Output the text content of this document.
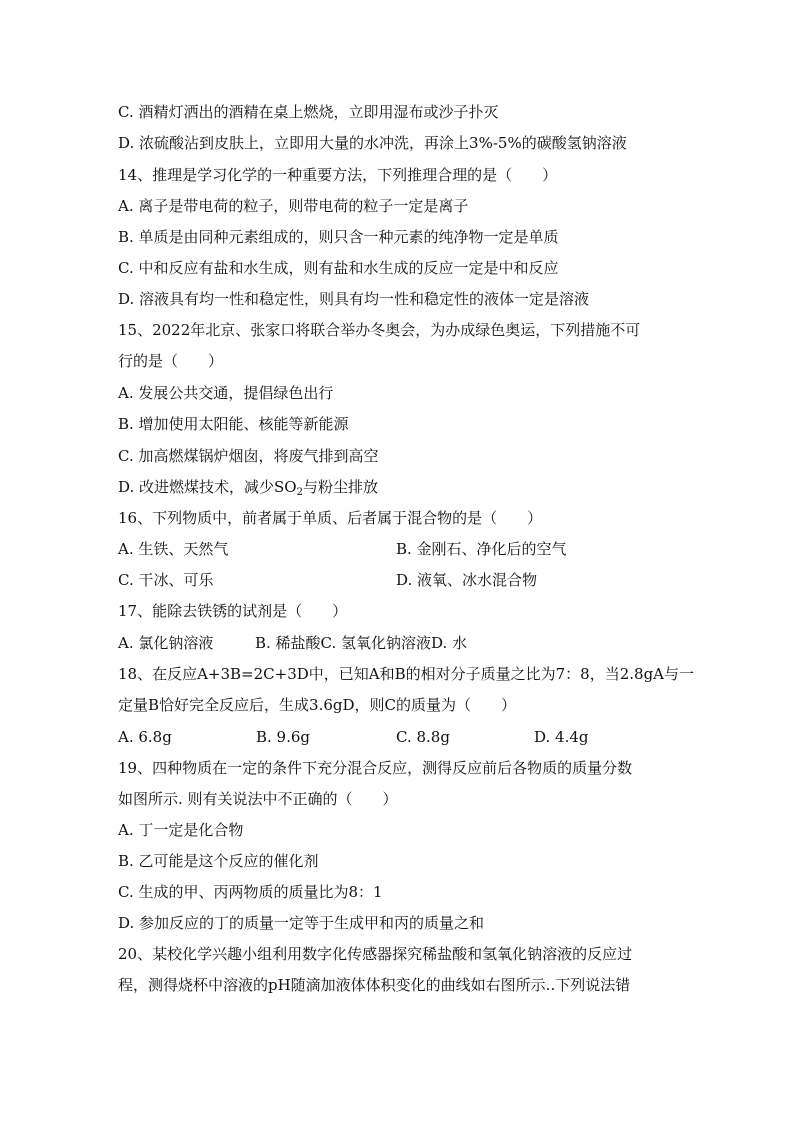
C. 酒精灯洒出的酒精在桌上燃烧，立即用湿布或沙子扑灭
D. 浓硫酸沾到皮肤上，立即用大量的水冲洗，再涂上3%-5%的碳酸氢钠溶液
14、推理是学习化学的一种重要方法，下列推理合理的是（　　）
A. 离子是带电荷的粒子，则带电荷的粒子一定是离子
B. 单质是由同种元素组成的，则只含一种元素的纯净物一定是单质
C. 中和反应有盐和水生成，则有盐和水生成的反应一定是中和反应
D. 溶液具有均一性和稳定性，则具有均一性和稳定性的液体一定是溶液
15、2022年北京、张家口将联合举办冬奥会，为办成绿色奥运，下列措施不可
行的是（　　）
A. 发展公共交通，提倡绿色出行
B. 增加使用太阳能、核能等新能源
C. 加高燃煤锅炉烟囱，将废气排到高空
D. 改进燃煤技术，减少$SO_2$与粉尘排放
16、下列物质中，前者属于单质、后者属于混合物的是（　　）
A. 生铁、天然气	B. 金刚石、净化后的空气
C. 干冰、可乐	D. 液氧、冰水混合物
17、能除去铁锈的试剂是（　　）
A. 氯化钠溶液	B. 稀盐酸C. 氢氧化钠溶液D. 水
18、在反应A+3B=2C+3D中，已知A和B的相对分子质量之比为7：8，当2.8gA与一
定量B恰好完全反应后，生成3.6gD，则C的质量为（　　）
A. 6.8g	B. 9.6g	C. 8.8g	D. 4.4g
19、四种物质在一定的条件下充分混合反应，测得反应前后各物质的质量分数
如图所示. 则有关说法中不正确的（　　）
A. 丁一定是化合物
B. 乙可能是这个反应的催化剂
C. 生成的甲、丙两物质的质量比为8：1
D. 参加反应的丁的质量一定等于生成甲和丙的质量之和
20、某校化学兴趣小组利用数字化传感器探究稀盐酸和氢氧化钠溶液的反应过
程，测得烧杯中溶液的pH随滴加液体体积变化的曲线如右图所示..下列说法错
